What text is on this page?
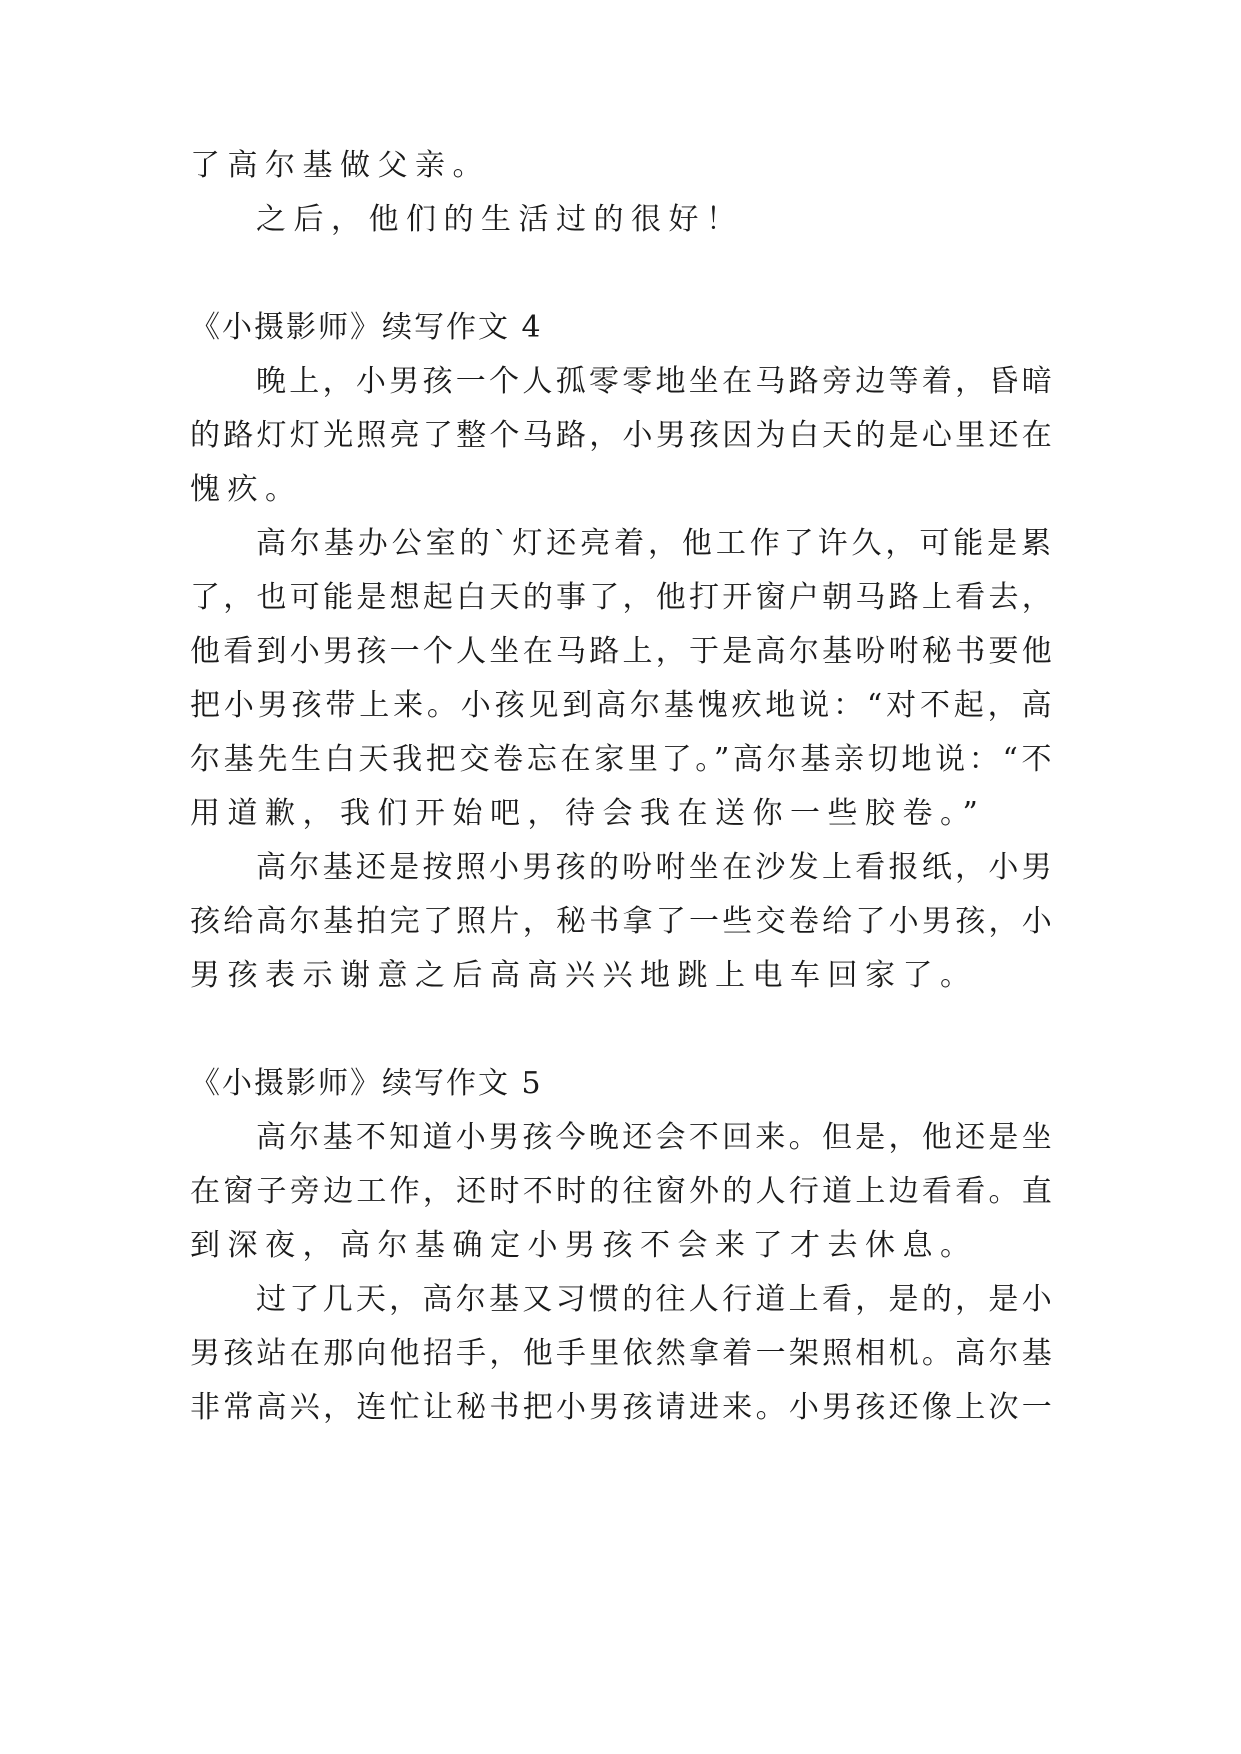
了高尔基做父亲。
之后，他们的生活过的很好！
《小摄影师》续写作文 4
晚上，小男孩一个人孤零零地坐在马路旁边等着，昏暗
的路灯灯光照亮了整个马路，小男孩因为白天的是心里还在
愧疚。
高尔基办公室的`灯还亮着，他工作了许久，可能是累
了，也可能是想起白天的事了，他打开窗户朝马路上看去，
他看到小男孩一个人坐在马路上，于是高尔基吩咐秘书要他
把小男孩带上来。小孩见到高尔基愧疚地说：“对不起，高
尔基先生白天我把交卷忘在家里了。”高尔基亲切地说：“不
用道歉，我们开始吧，待会我在送你一些胶卷。”
高尔基还是按照小男孩的吩咐坐在沙发上看报纸，小男
孩给高尔基拍完了照片，秘书拿了一些交卷给了小男孩，小
男孩表示谢意之后高高兴兴地跳上电车回家了。
《小摄影师》续写作文 5
高尔基不知道小男孩今晚还会不回来。但是，他还是坐
在窗子旁边工作，还时不时的往窗外的人行道上边看看。直
到深夜，高尔基确定小男孩不会来了才去休息。
过了几天，高尔基又习惯的往人行道上看，是的，是小
男孩站在那向他招手，他手里依然拿着一架照相机。高尔基
非常高兴，连忙让秘书把小男孩请进来。小男孩还像上次一
